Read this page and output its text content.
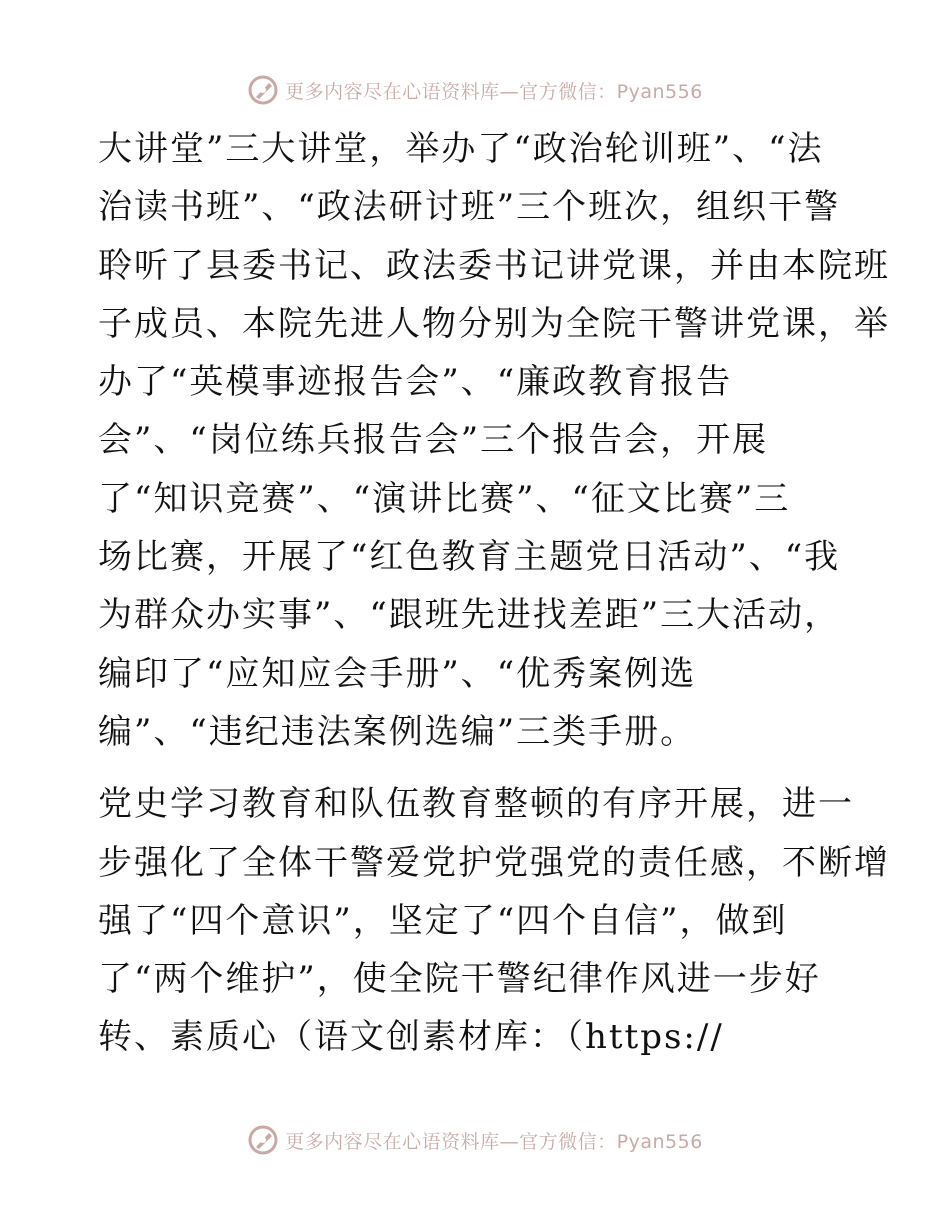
更多内容尽在心语资料库—官方微信：Pyan556
大讲堂”三大讲堂，举办了“政治轮训班”、“法
治读书班”、“政法研讨班”三个班次，组织干警
聆听了县委书记、政法委书记讲党课，并由本院班
子成员、本院先进人物分别为全院干警讲党课，举
办了“英模事迹报告会”、“廉政教育报告
会”、“岗位练兵报告会”三个报告会，开展
了“知识竞赛”、“演讲比赛”、“征文比赛”三
场比赛，开展了“红色教育主题党日活动”、“我
为群众办实事”、“跟班先进找差距”三大活动，
编印了“应知应会手册”、“优秀案例选
编”、“违纪违法案例选编”三类手册。
党史学习教育和队伍教育整顿的有序开展，进一
步强化了全体干警爱党护党强党的责任感，不断增
强了“四个意识”，坚定了“四个自信”，做到
了“两个维护”，使全院干警纪律作风进一步好
转、素质心（语文创素材库：（https://
更多内容尽在心语资料库—官方微信：Pyan556
